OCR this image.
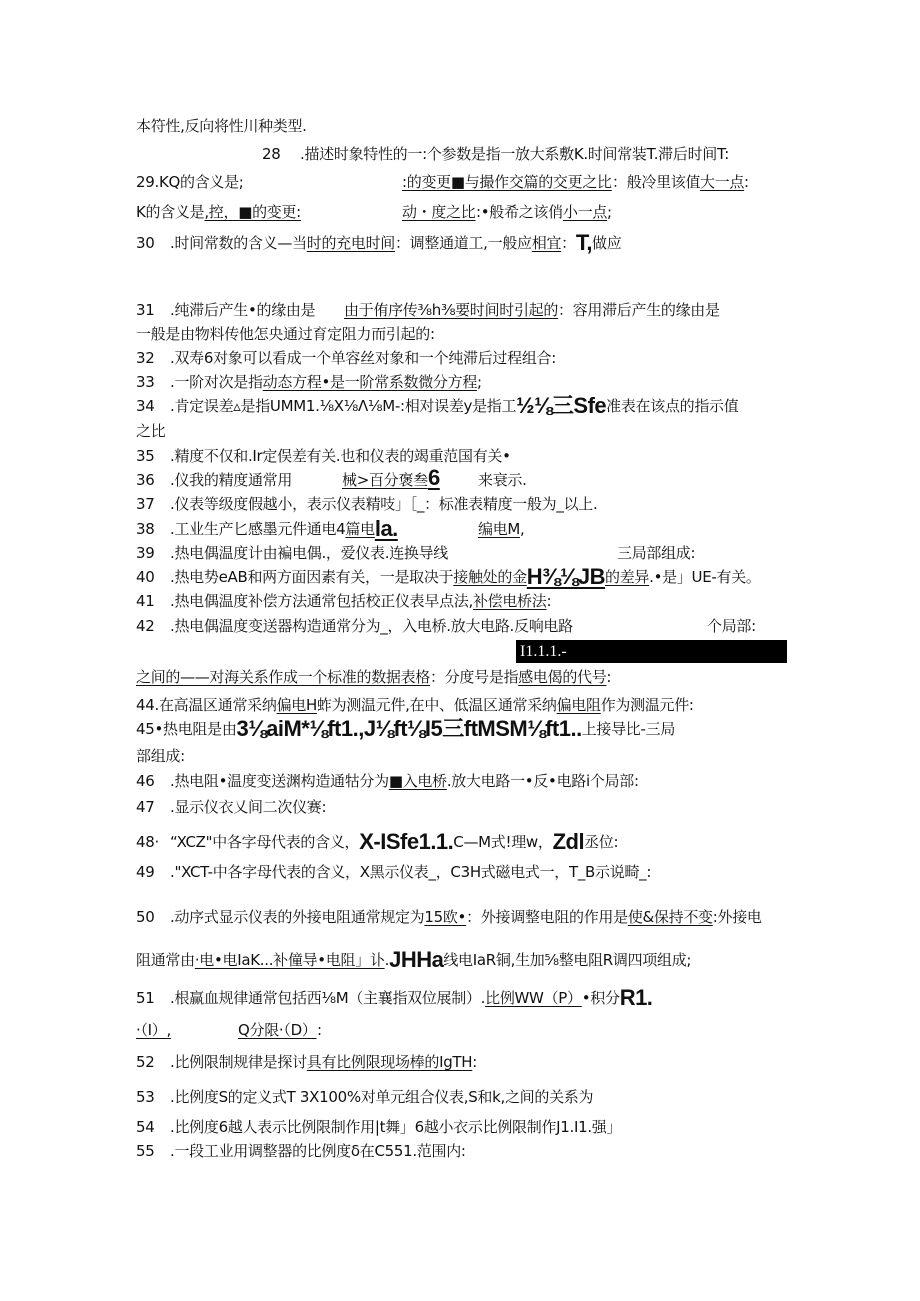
本符性,反向将性川种类型.
28	.描述时象特性的一:个参数是指一放大系敷K.时间常装T.滞后时间T:
29.KQ的含义是;	:的变更■与撮作交篇的交更之比 ：般冷里该值 大一点 :
K的含义是,控，■的变更:	动・度之比 :•般希之该俏 小一点 ;
30 .时间常数的含义—当时的充电时间：调整通道工,一般应相宜：T,做应
31 .纯滞后产生•的缘由是 由于侑序传⅜h⅜要时间时引起的 ：容用滞后产生的缘由是
一般是由物料传他怎央通过育定阻力而引起的:
32 .双寿6对象可以看成一个单容丝对象和一个纯滞后过程组合:
33 .一阶对次是指动态方程•是一阶常系数微分方程;
34 .肯定误差▵是指UMM1.⅛X⅛Λ⅛M-:相对误差y是指工½⅛三Sfe准表在该点的指示值
之比
35 .精度不仅和.Ir定俣差有关.也和仪表的竭重范国有关•
36 .仪我的精度通常用	械>百分褒叁 6	来衰示.
37 .仪表等级度假越小，表示仪表精吱」［_：标准表精度一般为_以上.
38 .工业生产匕感墨元件通电4篇电la.	编电M ,
39 .热电偶温度计由褊电偶.，爱仪表.连换导线	三局部组成:
40 .热电势eAB和两方面因素有关，一是取决于接触处的金H⅜⅛JB的差异.•是」UE-有关。
41 .热电偶温度补偿方法通常包括校正仪表早点法,补偿电桥法:
42 .热电偶温度变送器构造通常分为_，入电桥.放大电路.反响电路	个局部:
之间的——对海关系作成一个标准的数据表格：分度号是指感电偈的代号:
44.在高温区通常采纳偏电H蚱为测温元件,在中、低温区通常采纳偏电阻作为测温元件:
45•热电阻是由3⅛aiM*⅛ft1.,J⅛ft⅛I5三ftMSM⅛ft1..上接导比-三局
部组成:
46 .热电阻•温度变送渊构造通牯分为■入电桥.放大电路一•反•电路i个局部:
47 .显示仪衣乂间二次仪赛:
48· “XCZ"中各字母代表的含义，X-ISfe1.1.C—M式!理w，Zdl丞位:
49 ."XCT-中各字母代表的含义，X黑示仪表_，C3H式磁电式一，T_B示说畸_:
50 .动序式显示仪表的外接电阻通常规定为15欧•：外接调整电阻的作用是使&保持不变:外接电
阻通常由·电•电IaK...补僮导•电阻」讣.JHHa线电IaR铜,生加⅝整电阻R调四项组成;
51 .根赢血规律通常包括西⅛M（主襄指双位展制）.比例WW（P）•积分R1.
·（I）,	Q分限·（D） :
52 .比例限制规律是探讨具有比例限现场棒的IgTH:
53 .比例度S的定义式T 3X100%对单元组合仪表,S和k,之间的关系为
54 .比例度6越人表示比例限制作用|t舞」6越小衣示比例限制作J1.I1.强」
55 .一段工业用调整器的比例度δ在C551.范围内:
I1.1.1.-
